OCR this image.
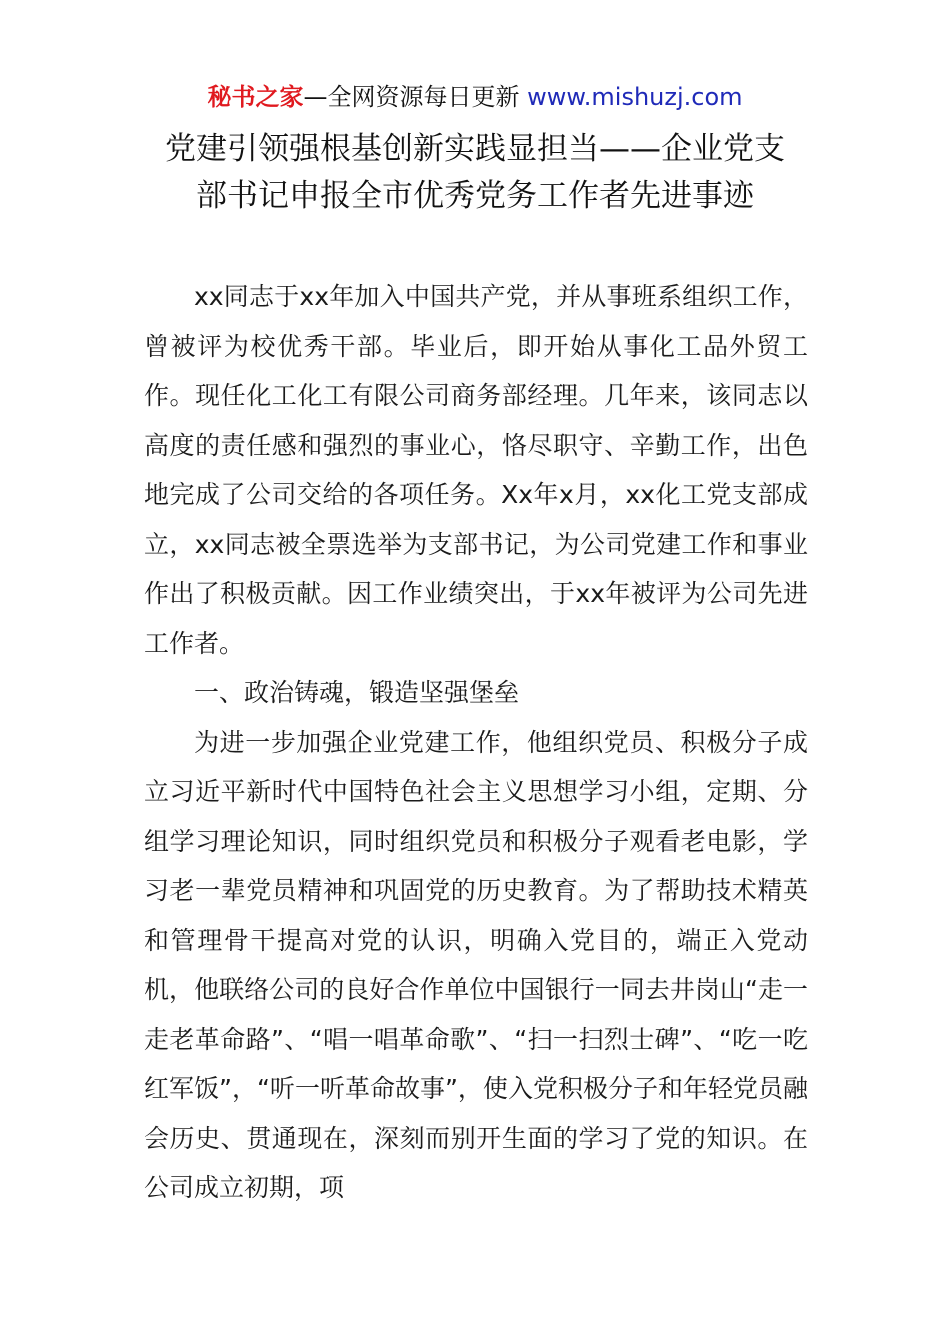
秘书之家—全网资源每日更新 www.mishuzj.com
党建引领强根基创新实践显担当——企业党支
部书记申报全市优秀党务工作者先进事迹

xx同志于xx年加入中国共产党，并从事班系组织工作，曾被评为校优秀干部。毕业后，即开始从事化工品外贸工作。现任化工化工有限公司商务部经理。几年来，该同志以高度的责任感和强烈的事业心，恪尽职守、辛勤工作，出色地完成了公司交给的各项任务。Xx年x月，xx化工党支部成立，xx同志被全票选举为支部书记，为公司党建工作和事业作出了积极贡献。因工作业绩突出，于xx年被评为公司先进工作者。

一、政治铸魂，锻造坚强堡垒

为进一步加强企业党建工作，他组织党员、积极分子成立习近平新时代中国特色社会主义思想学习小组，定期、分组学习理论知识，同时组织党员和积极分子观看老电影，学习老一辈党员精神和巩固党的历史教育。为了帮助技术精英和管理骨干提高对党的认识，明确入党目的，端正入党动机，他联络公司的良好合作单位中国银行一同去井岗山“走一走老革命路”、“唱一唱革命歌”、“扫一扫烈士碑”、“吃一吃红军饭”，“听一听革命故事”，使入党积极分子和年轻党员融会历史、贯通现在，深刻而别开生面的学习了党的知识。在公司成立初期，项
